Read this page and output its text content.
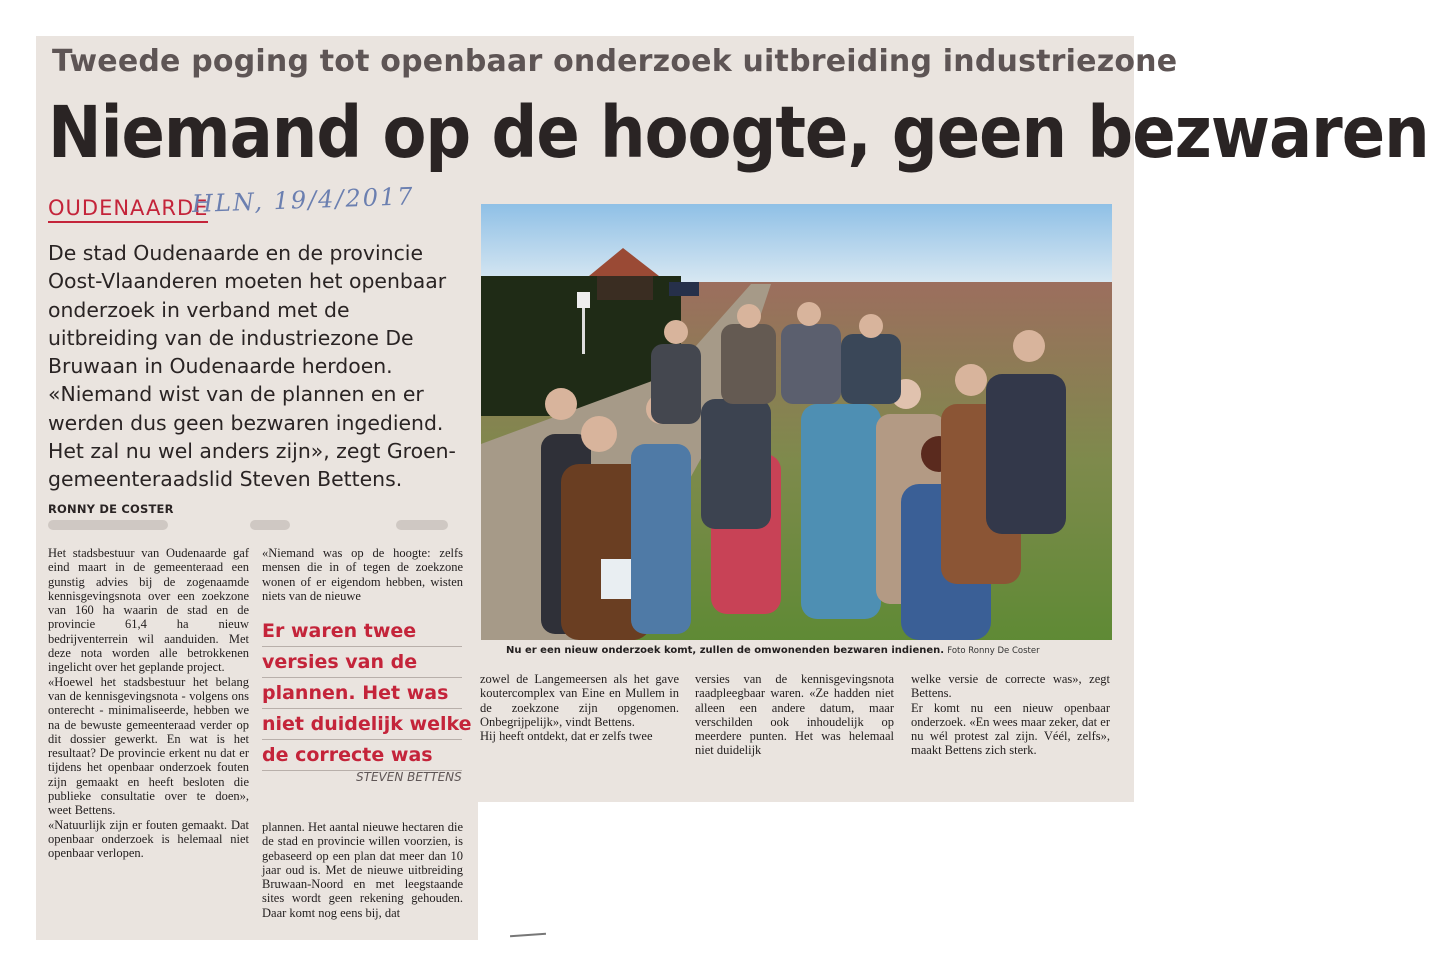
Tweede poging tot openbaar onderzoek uitbreiding industriezone
Niemand op de hoogte, geen bezwaren
OUDENAARDE
HLN, 19/4/2017

De stad Oudenaarde en de provincie Oost-Vlaanderen moeten het openbaar onderzoek in verband met de uitbreiding van de industriezone De Bruwaan in Oudenaarde herdoen. «Niemand wist van de plannen en er werden dus geen bezwaren ingediend. Het zal nu wel anders zijn», zegt Groen-gemeenteraadslid Steven Bettens.

RONNY DE COSTER

Het stadsbestuur van Oudenaarde gaf eind maart in de gemeenteraad een gunstig advies bij de zogenaamde kennisgevingsnota over een zoekzone van 160 ha waarin de stad en de provincie 61,4 ha nieuw bedrijventerrein wil aanduiden. Met deze nota worden alle betrokkenen ingelicht over het geplande project.

«Hoewel het stadsbestuur het belang van de kennisgevingsnota - volgens ons onterecht - minimaliseerde, hebben we na de bewuste gemeenteraad verder op dit dossier gewerkt. En wat is het resultaat? De provincie erkent nu dat er tijdens het openbaar onderzoek fouten zijn gemaakt en heeft besloten die publieke consultatie over te doen», weet Bettens.

«Natuurlijk zijn er fouten gemaakt. Dat openbaar onderzoek is helemaal niet openbaar verlopen.

«Niemand was op de hoogte: zelfs mensen die in of tegen de zoekzone wonen of er eigendom hebben, wisten niets van de nieuwe

Er waren twee
versies van de
plannen. Het was
niet duidelijk welke
de correcte was
STEVEN BETTENS

plannen. Het aantal nieuwe hectaren die de stad en provincie willen voorzien, is gebaseerd op een plan dat meer dan 10 jaar oud is. Met de nieuwe uitbreiding Bruwaan-Noord en met leegstaande sites wordt geen rekening gehouden. Daar komt nog eens bij, dat

Nu er een nieuw onderzoek komt, zullen de omwonenden bezwaren indienen. Foto Ronny De Coster

zowel de Langemeersen als het gave koutercomplex van Eine en Mullem in de zoekzone zijn opgenomen. Onbegrijpelijk», vindt Bettens.

Hij heeft ontdekt, dat er zelfs twee

versies van de kennisgevingsnota raadpleegbaar waren. «Ze hadden niet alleen een andere datum, maar verschilden ook inhoudelijk op meerdere punten. Het was helemaal niet duidelijk

welke versie de correcte was», zegt Bettens.

Er komt nu een nieuw openbaar onderzoek. «En wees maar zeker, dat er nu wél protest zal zijn. Véél, zelfs», maakt Bettens zich sterk.
